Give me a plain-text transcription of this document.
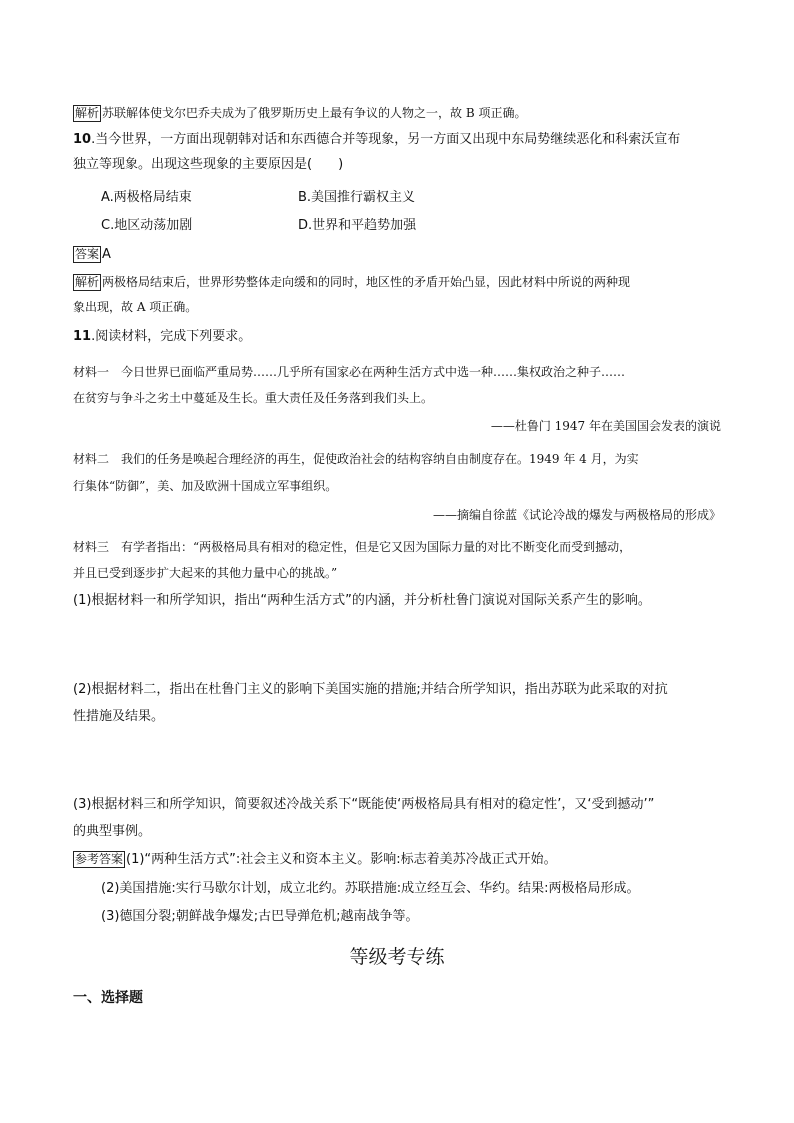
解析 苏联解体使戈尔巴乔夫成为了俄罗斯历史上最有争议的人物之一，故 B 项正确。
10.当今世界，一方面出现朝韩对话和东西德合并等现象，另一方面又出现中东局势继续恶化和科索沃宣布
独立等现象。出现这些现象的主要原因是(　　)
A.两极格局结束	B.美国推行霸权主义
C.地区动荡加剧	D.世界和平趋势加强
答案 A
解析 两极格局结束后，世界形势整体走向缓和的同时，地区性的矛盾开始凸显，因此材料中所说的两种现
象出现，故 A 项正确。
11.阅读材料，完成下列要求。
材料一　今日世界已面临严重局势……几乎所有国家必在两种生活方式中选一种……集权政治之种子……
在贫穷与争斗之劣土中蔓延及生长。重大责任及任务落到我们头上。
——杜鲁门 1947 年在美国国会发表的演说
材料二　我们的任务是唤起合理经济的再生，促使政治社会的结构容纳自由制度存在。1949 年 4 月，为实
行集体“防御”，美、加及欧洲十国成立军事组织。
——摘编自徐蓝《试论冷战的爆发与两极格局的形成》
材料三　有学者指出：“两极格局具有相对的稳定性，但是它又因为国际力量的对比不断变化而受到撼动，
并且已受到逐步扩大起来的其他力量中心的挑战。”
(1)根据材料一和所学知识，指出“两种生活方式”的内涵，并分析杜鲁门演说对国际关系产生的影响。
(2)根据材料二，指出在杜鲁门主义的影响下美国实施的措施;并结合所学知识，指出苏联为此采取的对抗
性措施及结果。
(3)根据材料三和所学知识，简要叙述冷战关系下“既能使‘两极格局具有相对的稳定性’，又‘受到撼动’”
的典型事例。
参考答案 (1)“两种生活方式”:社会主义和资本主义。影响:标志着美苏冷战正式开始。
(2)美国措施:实行马歇尔计划，成立北约。苏联措施:成立经互会、华约。结果:两极格局形成。
(3)德国分裂;朝鲜战争爆发;古巴导弹危机;越南战争等。
等级考专练
一、选择题
